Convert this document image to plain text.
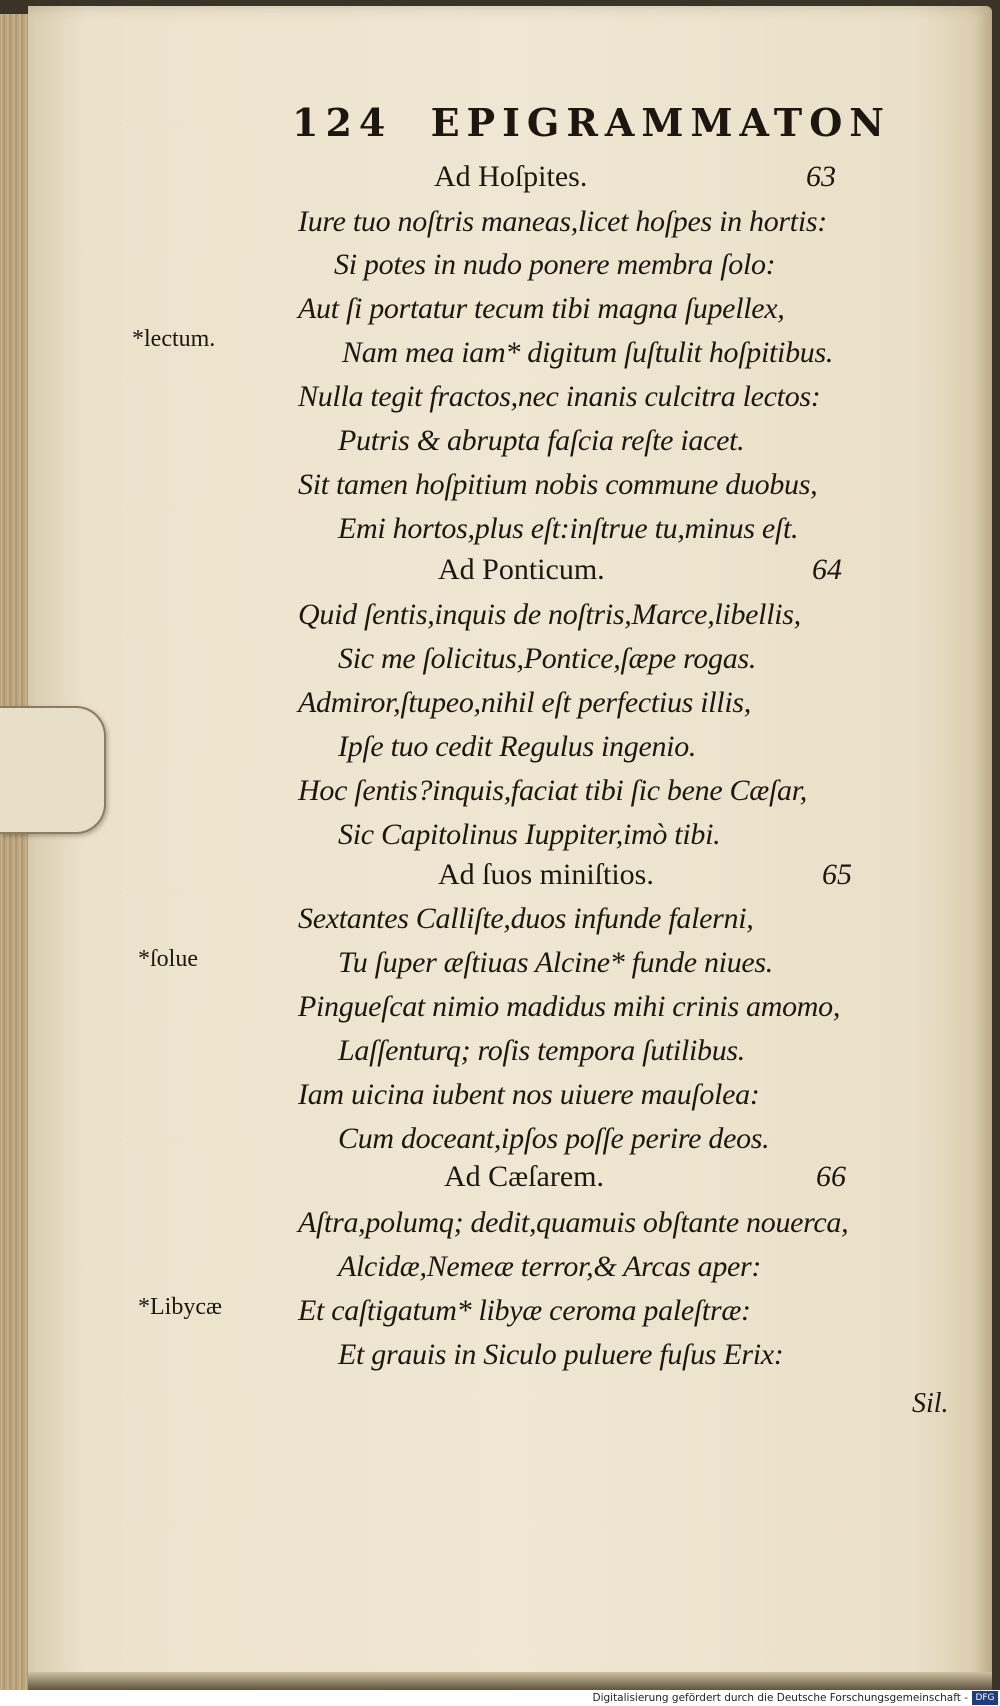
124 EPIGRAMMATON
Ad Hoſpites.	63
Iure tuo noſtris maneas,licet hoſpes in hortis:
Si potes in nudo ponere membra ſolo:
Aut ſi portatur tecum tibi magna ſupellex,
*lectum.	Nam mea iam* digitum ſuſtulit hoſpitibus.
Nulla tegit fractos,nec inanis culcitra lectos:
Putris & abrupta faſcia reſte iacet.
Sit tamen hoſpitium nobis commune duobus,
Emi hortos,plus eſt:inſtrue tu,minus eſt.
Ad Ponticum.	64
Quid ſentis,inquis de noſtris,Marce,libellis,
Sic me ſolicitus,Pontice,ſæpe rogas.
Admiror,ſtupeo,nihil eſt perfectius illis,
Ipſe tuo cedit Regulus ingenio.
Hoc ſentis?inquis,faciat tibi ſic bene Cæſar,
Sic Capitolinus Iuppiter,imò tibi.
Ad ſuos miniſtios.	65
Sextantes Calliſte,duos infunde falerni,
*ſolue	Tu ſuper æſtiuas Alcine* funde niues.
Pingueſcat nimio madidus mihi crinis amomo,
Laſſenturq; roſis tempora ſutilibus.
Iam uicina iubent nos uiuere mauſolea:
Cum doceant,ipſos poſſe perire deos.
Ad Cæſarem.	66
Aſtra,polumq; dedit,quamuis obſtante nouerca,
Alcidæ,Nemeæ terror,& Arcas aper:
*Libycæ	Et caſtigatum* libyæ ceroma paleſtræ:
Et grauis in Siculo puluere fuſus Erix:
Sil.
Digitalisierung gefördert durch die Deutsche Forschungsgemeinschaft - DFG
